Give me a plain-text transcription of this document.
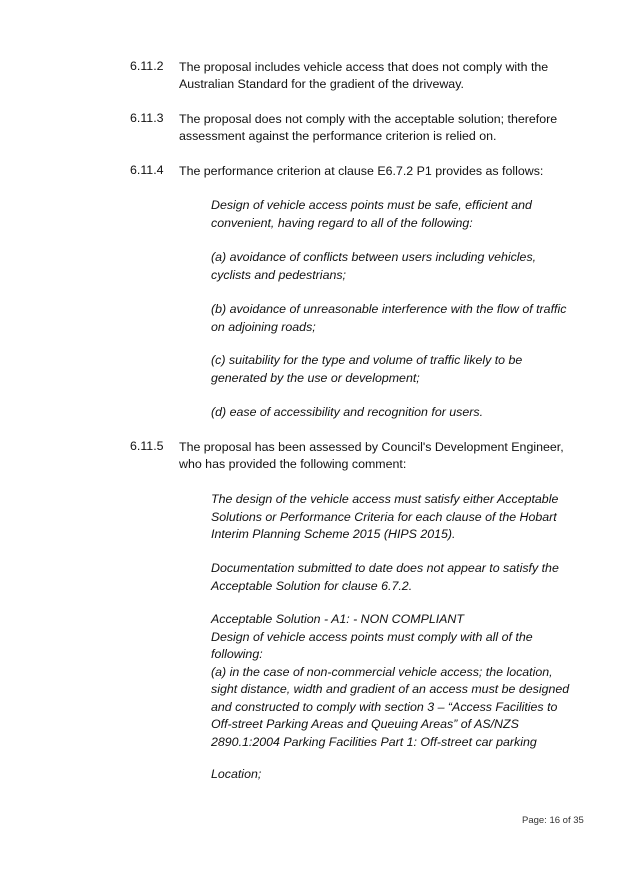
6.11.2 The proposal includes vehicle access that does not comply with the
Australian Standard for the gradient of the driveway.
6.11.3 The proposal does not comply with the acceptable solution; therefore
assessment against the performance criterion is relied on.
6.11.4 The performance criterion at clause E6.7.2 P1 provides as follows:
Design of vehicle access points must be safe, efficient and
convenient, having regard to all of the following:
(a) avoidance of conflicts between users including vehicles,
cyclists and pedestrians;
(b) avoidance of unreasonable interference with the flow of traffic
on adjoining roads;
(c) suitability for the type and volume of traffic likely to be
generated by the use or development;
(d) ease of accessibility and recognition for users.
6.11.5 The proposal has been assessed by Council's Development Engineer,
who has provided the following comment:
The design of the vehicle access must satisfy either Acceptable
Solutions or Performance Criteria for each clause of the Hobart
Interim Planning Scheme 2015 (HIPS 2015).
Documentation submitted to date does not appear to satisfy the
Acceptable Solution for clause 6.7.2.
Acceptable Solution - A1: - NON COMPLIANT
Design of vehicle access points must comply with all of the
following:
(a) in the case of non-commercial vehicle access; the location,
sight distance, width and gradient of an access must be designed
and constructed to comply with section 3 – “Access Facilities to
Off-street Parking Areas and Queuing Areas” of AS/NZS
2890.1:2004 Parking Facilities Part 1: Off-street car parking
Location;
Page: 16 of 35
